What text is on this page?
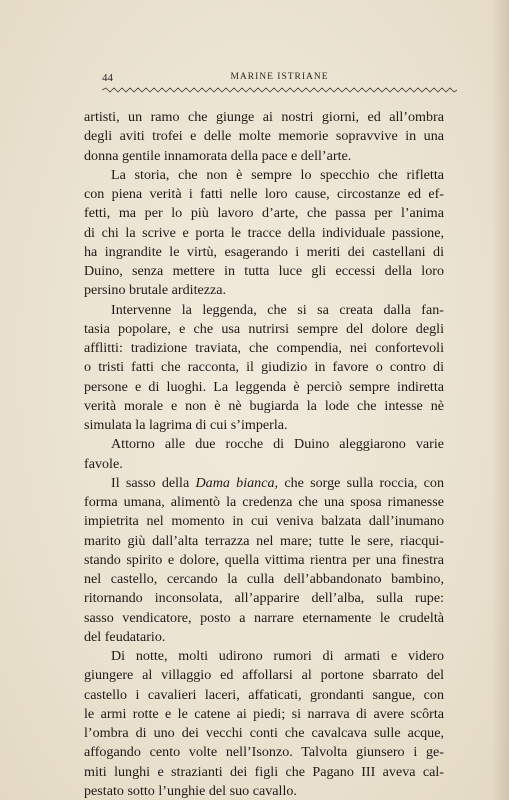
44	MARINE ISTRIANE
artisti, un ramo che giunge ai nostri giorni, ed all’ombra
degli aviti trofei e delle molte memorie sopravvive in una
donna gentile innamorata della pace e dell’arte.
La storia, che non è sempre lo specchio che rifletta
con piena verità i fatti nelle loro cause, circostanze ed ef-
fetti, ma per lo più lavoro d’arte, che passa per l’anima
di chi la scrive e porta le tracce della individuale passione,
ha ingrandite le virtù, esagerando i meriti dei castellani di
Duino, senza mettere in tutta luce gli eccessi della loro
persino brutale arditezza.
Intervenne la leggenda, che si sa creata dalla fan-
tasia popolare, e che usa nutrirsi sempre del dolore degli
afflitti: tradizione traviata, che compendia, nei confortevoli
o tristi fatti che racconta, il giudizio in favore o contro di
persone e di luoghi. La leggenda è perciò sempre indiretta
verità morale e non è nè bugiarda la lode che intesse nè
simulata la lagrima di cui s’imperla.
Attorno alle due rocche di Duino aleggiarono varie
favole.
Il sasso della Dama bianca, che sorge sulla roccia, con
forma umana, alimentò la credenza che una sposa rimanesse
impietrita nel momento in cui veniva balzata dall’inumano
marito giù dall’alta terrazza nel mare; tutte le sere, riacqui-
stando spirito e dolore, quella vittima rientra per una finestra
nel castello, cercando la culla dell’abbandonato bambino,
ritornando inconsolata, all’apparire dell’alba, sulla rupe:
sasso vendicatore, posto a narrare eternamente le crudeltà
del feudatario.
Di notte, molti udirono rumori di armati e videro
giungere al villaggio ed affollarsi al portone sbarrato del
castello i cavalieri laceri, affaticati, grondanti sangue, con
le armi rotte e le catene ai piedi; si narrava di avere scôrta
l’ombra di uno dei vecchi conti che cavalcava sulle acque,
affogando cento volte nell’Isonzo. Talvolta giunsero i ge-
miti lunghi e strazianti dei figli che Pagano III aveva cal-
pestato sotto l’unghie del suo cavallo.
